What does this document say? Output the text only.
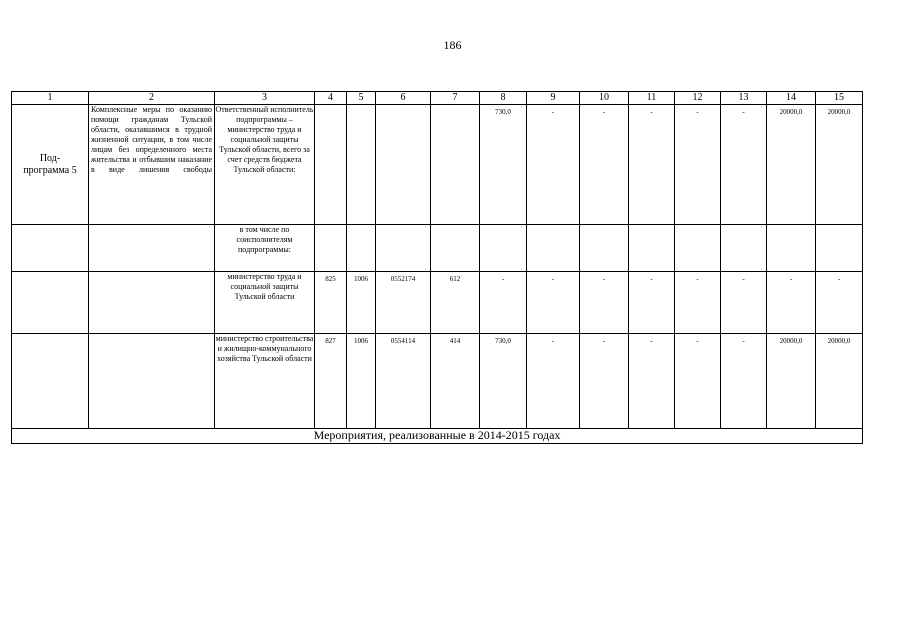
186
1	2	3	4	5	6	7	8	9	10	11	12	13	14	15
Под-
программа 5	Комплексные меры по оказанию помощи гражданам Тульской области, оказавшимся в трудной жизненной ситуации, в том числе лицам без определенного места жительства и отбывшим наказание в виде лишения свободы	Ответственный исполнитель подпрограммы – министерство труда и социальной защиты Тульской области, всего за счет средств бюджета Тульской области:					730,0	-	-	-	-	-	20000,0	20000,0
		в том числе по соисполнителям подпрограммы:												
		министерство труда и социальной защиты Тульской области	825	1006	0552174	612	-	-	-	-	-	-	-	-
		министерство строительства и жилищно-коммунального хозяйства Тульской области	827	1006	0554114	414	730,0	-	-	-	-	-	20000,0	20000,0
Мероприятия, реализованные в 2014-2015 годах														
